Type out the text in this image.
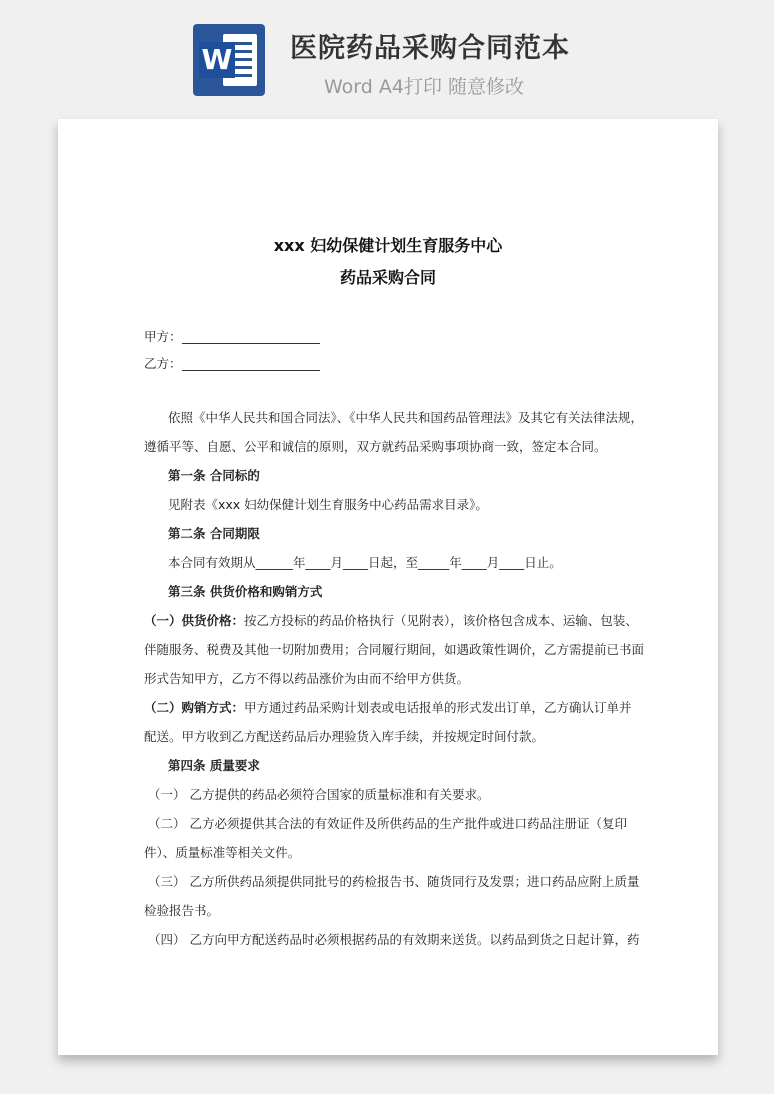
W 医院药品采购合同范本
Word A4打印 随意修改

xxx 妇幼保健计划生育服务中心
药品采购合同
甲方：
乙方：
依照《中华人民共和国合同法》、《中华人民共和国药品管理法》及其它有关法律法规，
遵循平等、自愿、公平和诚信的原则，双方就药品采购事项协商一致，签定本合同。
第一条 合同标的
见附表《xxx 妇幼保健计划生育服务中心药品需求目录》。
第二条 合同期限
本合同有效期从______年____月____日起，至_____年____月____日止。
第三条 供货价格和购销方式
（一）供货价格：按乙方投标的药品价格执行（见附表），该价格包含成本、运输、包装、
伴随服务、税费及其他一切附加费用；合同履行期间，如遇政策性调价，乙方需提前已书面
形式告知甲方，乙方不得以药品涨价为由而不给甲方供货。
（二）购销方式：甲方通过药品采购计划表或电话报单的形式发出订单，乙方确认订单并
配送。甲方收到乙方配送药品后办理验货入库手续，并按规定时间付款。
第四条 质量要求
（一） 乙方提供的药品必须符合国家的质量标准和有关要求。
（二） 乙方必须提供其合法的有效证件及所供药品的生产批件或进口药品注册证（复印
件）、质量标准等相关文件。
（三） 乙方所供药品须提供同批号的药检报告书、随货同行及发票；进口药品应附上质量
检验报告书。
（四） 乙方向甲方配送药品时必须根据药品的有效期来送货。以药品到货之日起计算，药
